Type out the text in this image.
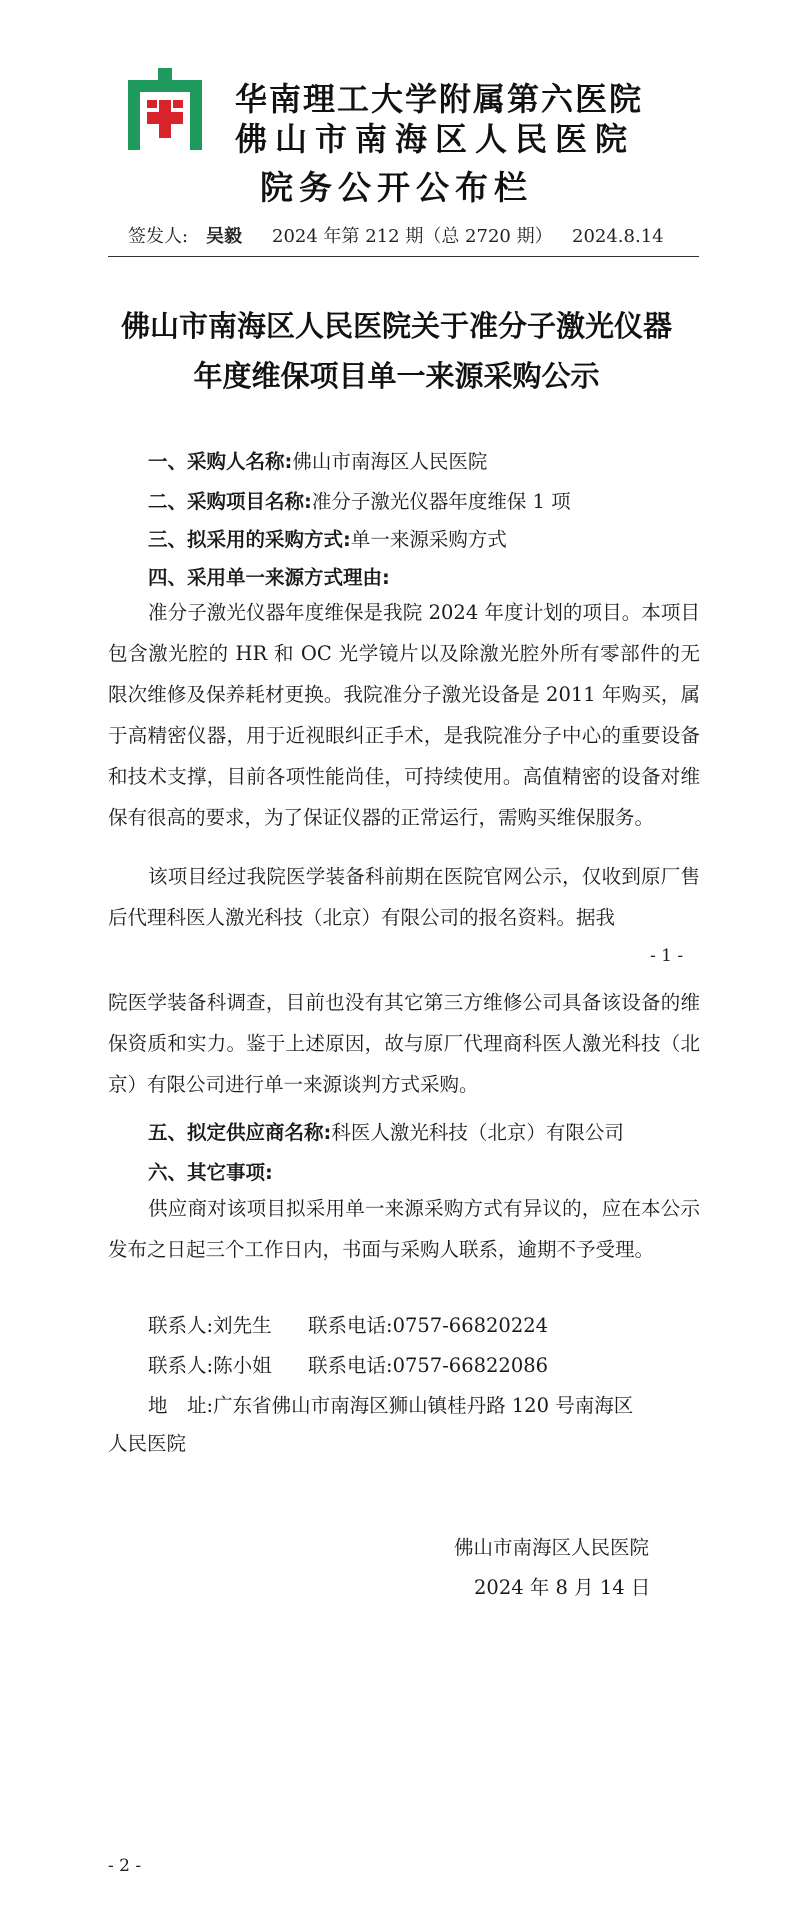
华南理工大学附属第六医院
佛山市南海区人民医院
院务公开公布栏
签发人: 吴毅 2024 年第 212 期（总 2720 期） 2024.8.14
佛山市南海区人民医院关于准分子激光仪器
年度维保项目单一来源采购公示
一、采购人名称:佛山市南海区人民医院
二、采购项目名称:准分子激光仪器年度维保 1 项
三、拟采用的采购方式:单一来源采购方式
四、采用单一来源方式理由:
准分子激光仪器年度维保是我院 2024 年度计划的项目。本项目包含激光腔的 HR 和 OC 光学镜片以及除激光腔外所有零部件的无限次维修及保养耗材更换。我院准分子激光设备是 2011 年购买，属于高精密仪器，用于近视眼纠正手术，是我院准分子中心的重要设备和技术支撑，目前各项性能尚佳，可持续使用。高值精密的设备对维保有很高的要求，为了保证仪器的正常运行，需购买维保服务。
该项目经过我院医学装备科前期在医院官网公示，仅收到原厂售后代理科医人激光科技（北京）有限公司的报名资料。据我
- 1 -
院医学装备科调查，目前也没有其它第三方维修公司具备该设备的维保资质和实力。鉴于上述原因，故与原厂代理商科医人激光科技（北京）有限公司进行单一来源谈判方式采购。
五、拟定供应商名称:科医人激光科技（北京）有限公司
六、其它事项:
供应商对该项目拟采用单一来源采购方式有异议的，应在本公示发布之日起三个工作日内，书面与采购人联系，逾期不予受理。
联系人:刘先生 联系电话:0757-66820224
联系人:陈小姐 联系电话:0757-66822086
地　址:广东省佛山市南海区狮山镇桂丹路 120 号南海区
人民医院
佛山市南海区人民医院
2024 年 8 月 14 日
- 2 -
